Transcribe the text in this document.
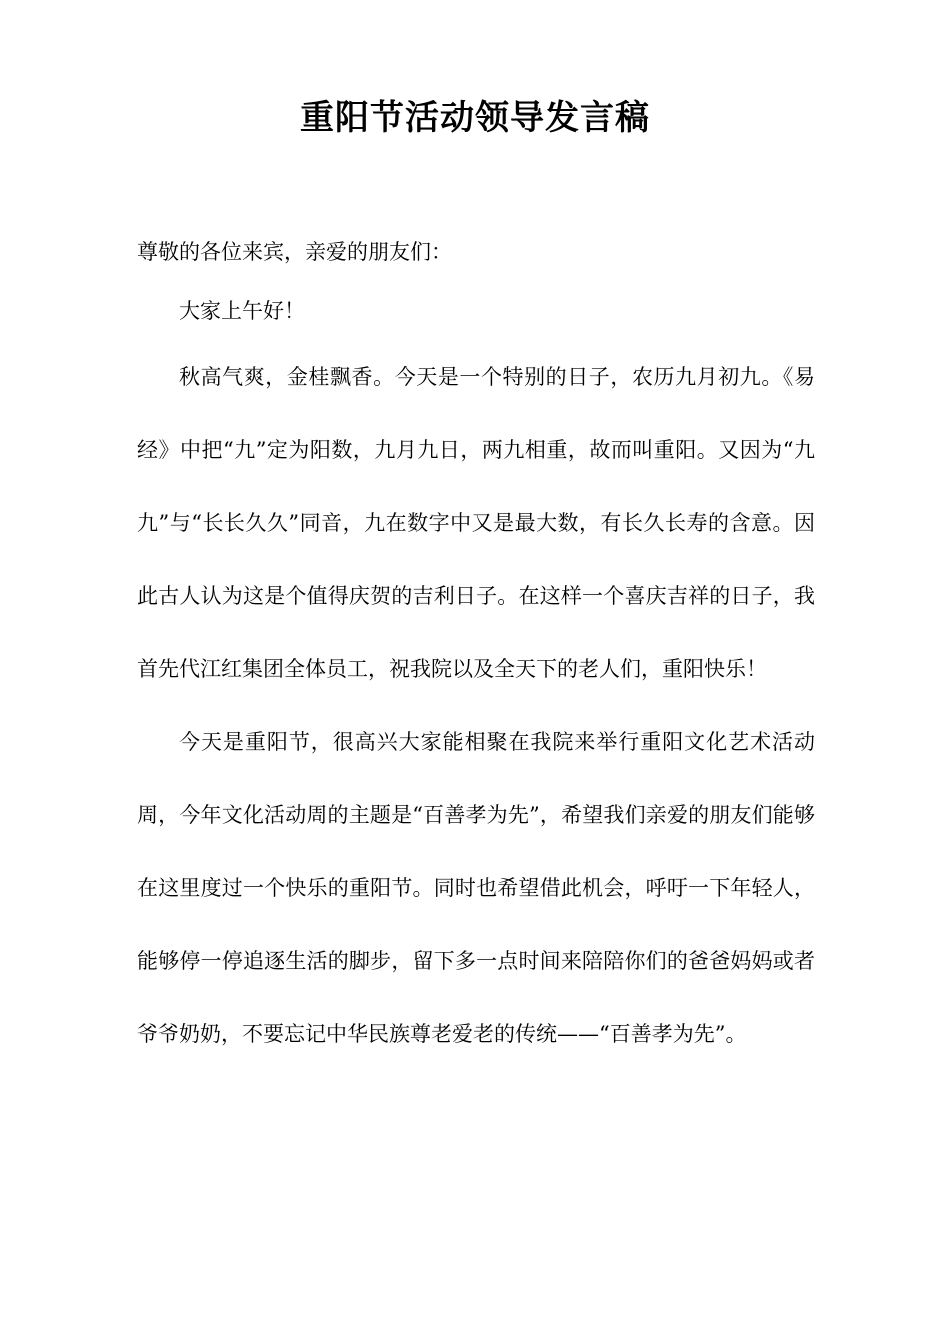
重阳节活动领导发言稿

尊敬的各位来宾，亲爱的朋友们：

大家上午好！

秋高气爽，金桂飘香。今天是一个特别的日子，农历九月初九。《易经》中把“九”定为阳数，九月九日，两九相重，故而叫重阳。又因为“九九”与“长长久久”同音，九在数字中又是最大数，有长久长寿的含意。因此古人认为这是个值得庆贺的吉利日子。在这样一个喜庆吉祥的日子，我首先代江红集团全体员工，祝我院以及全天下的老人们，重阳快乐！

今天是重阳节，很高兴大家能相聚在我院来举行重阳文化艺术活动周，今年文化活动周的主题是“百善孝为先”，希望我们亲爱的朋友们能够在这里度过一个快乐的重阳节。同时也希望借此机会，呼吁一下年轻人，能够停一停追逐生活的脚步，留下多一点时间来陪陪你们的爸爸妈妈或者爷爷奶奶，不要忘记中华民族尊老爱老的传统——“百善孝为先”。
